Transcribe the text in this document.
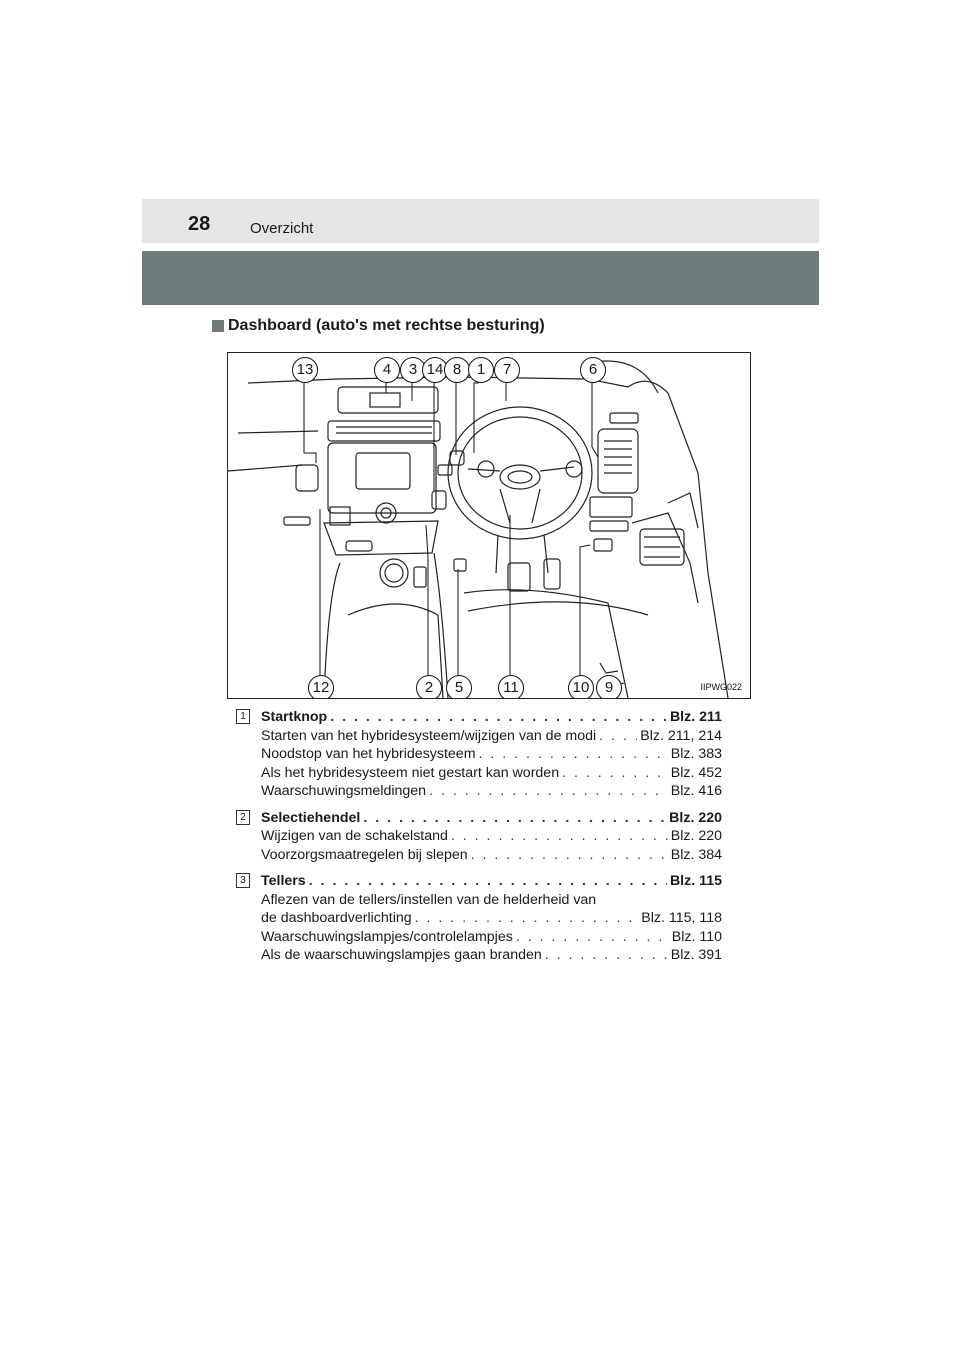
28	Overzicht
Dashboard (auto's met rechtse besturing)
13	4	3 14 8	1	7	6
12	2	5	11	10	9	IIPWG022
1 Startknop . . .	Blz. 211
Starten van het hybridesysteem/wijzigen van de modi . . .	Blz. 211, 214
Noodstop van het hybridesysteem . . .	Blz. 383
Als het hybridesysteem niet gestart kan worden . . .	Blz. 452
Waarschuwingsmeldingen . . .	Blz. 416
2 Selectiehendel . . .	Blz. 220
Wijzigen van de schakelstand . . .	Blz. 220
Voorzorgsmaatregelen bij slepen . . .	Blz. 384
3 Tellers . . .	Blz. 115
Aflezen van de tellers/instellen van de helderheid van
de dashboardverlichting . . .	Blz. 115, 118
Waarschuwingslampjes/controlelampjes . . .	Blz. 110
Als de waarschuwingslampjes gaan branden . . .	Blz. 391
